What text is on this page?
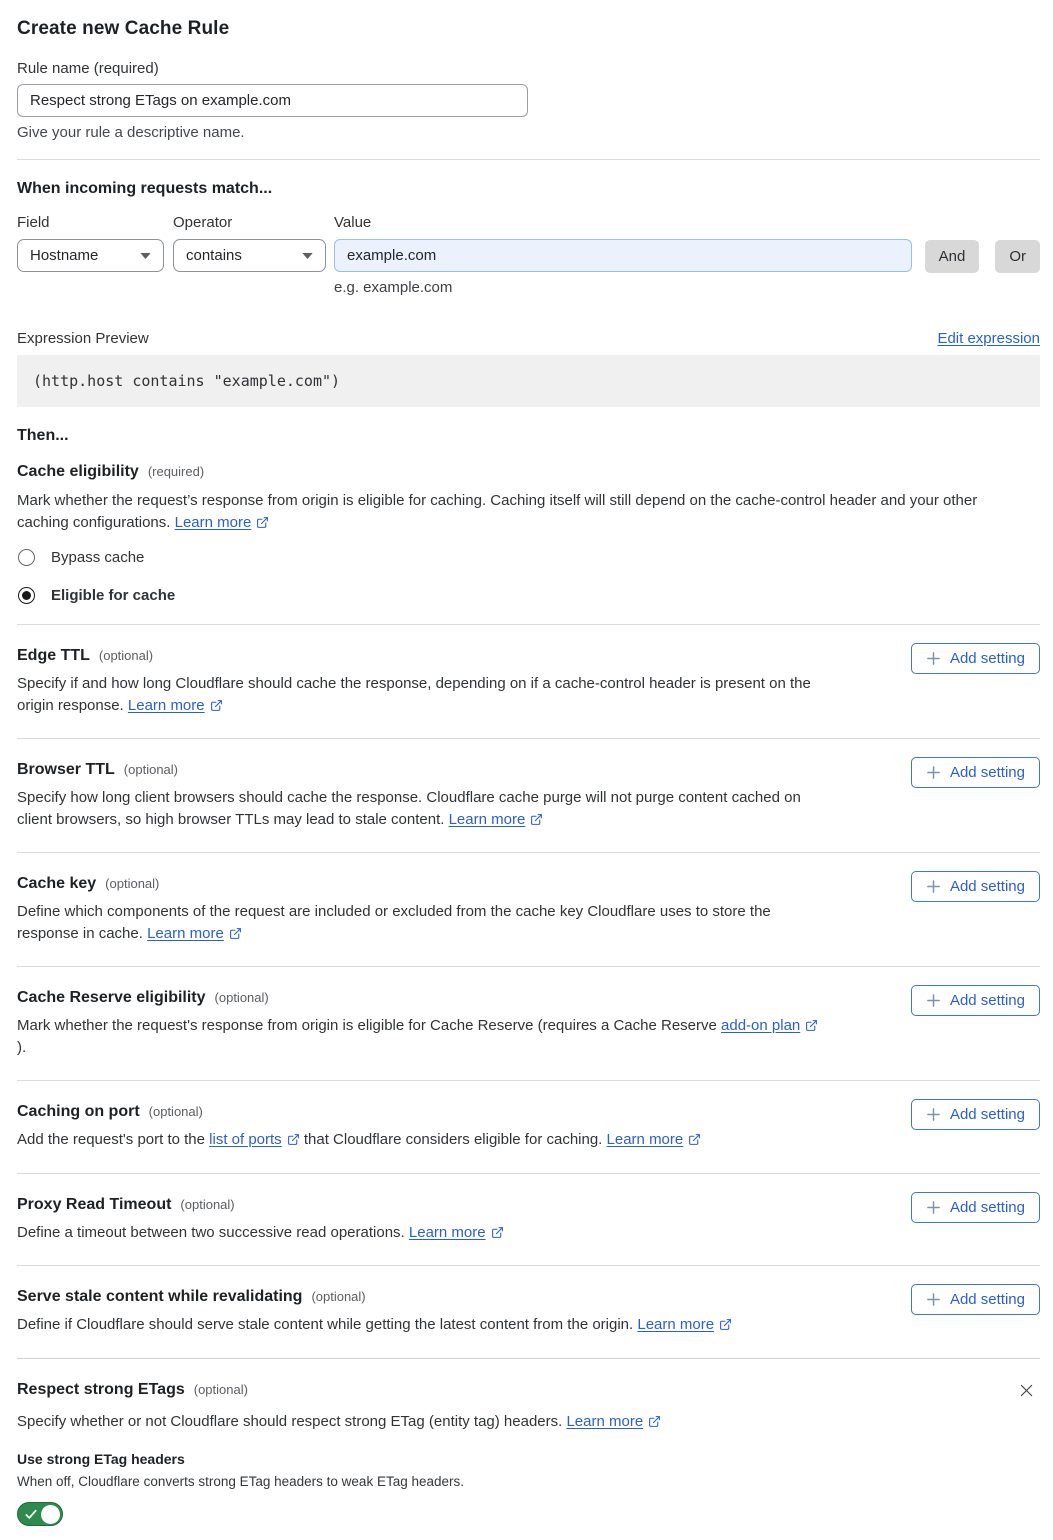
Create new Cache Rule
Rule name (required)
Respect strong ETags on example.com

Give your rule a descriptive name.

When incoming requests match...
Field
Hostname
Operator
contains
Value
example.com
e.g. example.com
And	Or
Expression Preview	Edit expression
(http.host contains "example.com")
Then...
Cache eligibility (required)

Mark whether the request’s response from origin is eligible for caching. Caching itself will still depend on the cache-control header and your other caching configurations. Learn more

Bypass cache
Eligible for cache
Edge TTL (optional)

Specify if and how long Cloudflare should cache the response, depending on if a cache-control header is present on the origin response. Learn more

Add setting
Browser TTL (optional)

Specify how long client browsers should cache the response. Cloudflare cache purge will not purge content cached on client browsers, so high browser TTLs may lead to stale content. Learn more

Add setting
Cache key (optional)

Define which components of the request are included or excluded from the cache key Cloudflare uses to store the response in cache. Learn more

Add setting
Cache Reserve eligibility (optional)

Mark whether the request's response from origin is eligible for Cache Reserve (requires a Cache Reserve add-on plan ).

Add setting
Caching on port (optional)

Add the request's port to the list of ports that Cloudflare considers eligible for caching. Learn more

Add setting
Proxy Read Timeout (optional)

Define a timeout between two successive read operations. Learn more

Add setting
Serve stale content while revalidating (optional)

Define if Cloudflare should serve stale content while getting the latest content from the origin. Learn more

Add setting
Respect strong ETags (optional)

Specify whether or not Cloudflare should respect strong ETag (entity tag) headers. Learn more

Use strong ETag headers

When off, Cloudflare converts strong ETag headers to weak ETag headers.
